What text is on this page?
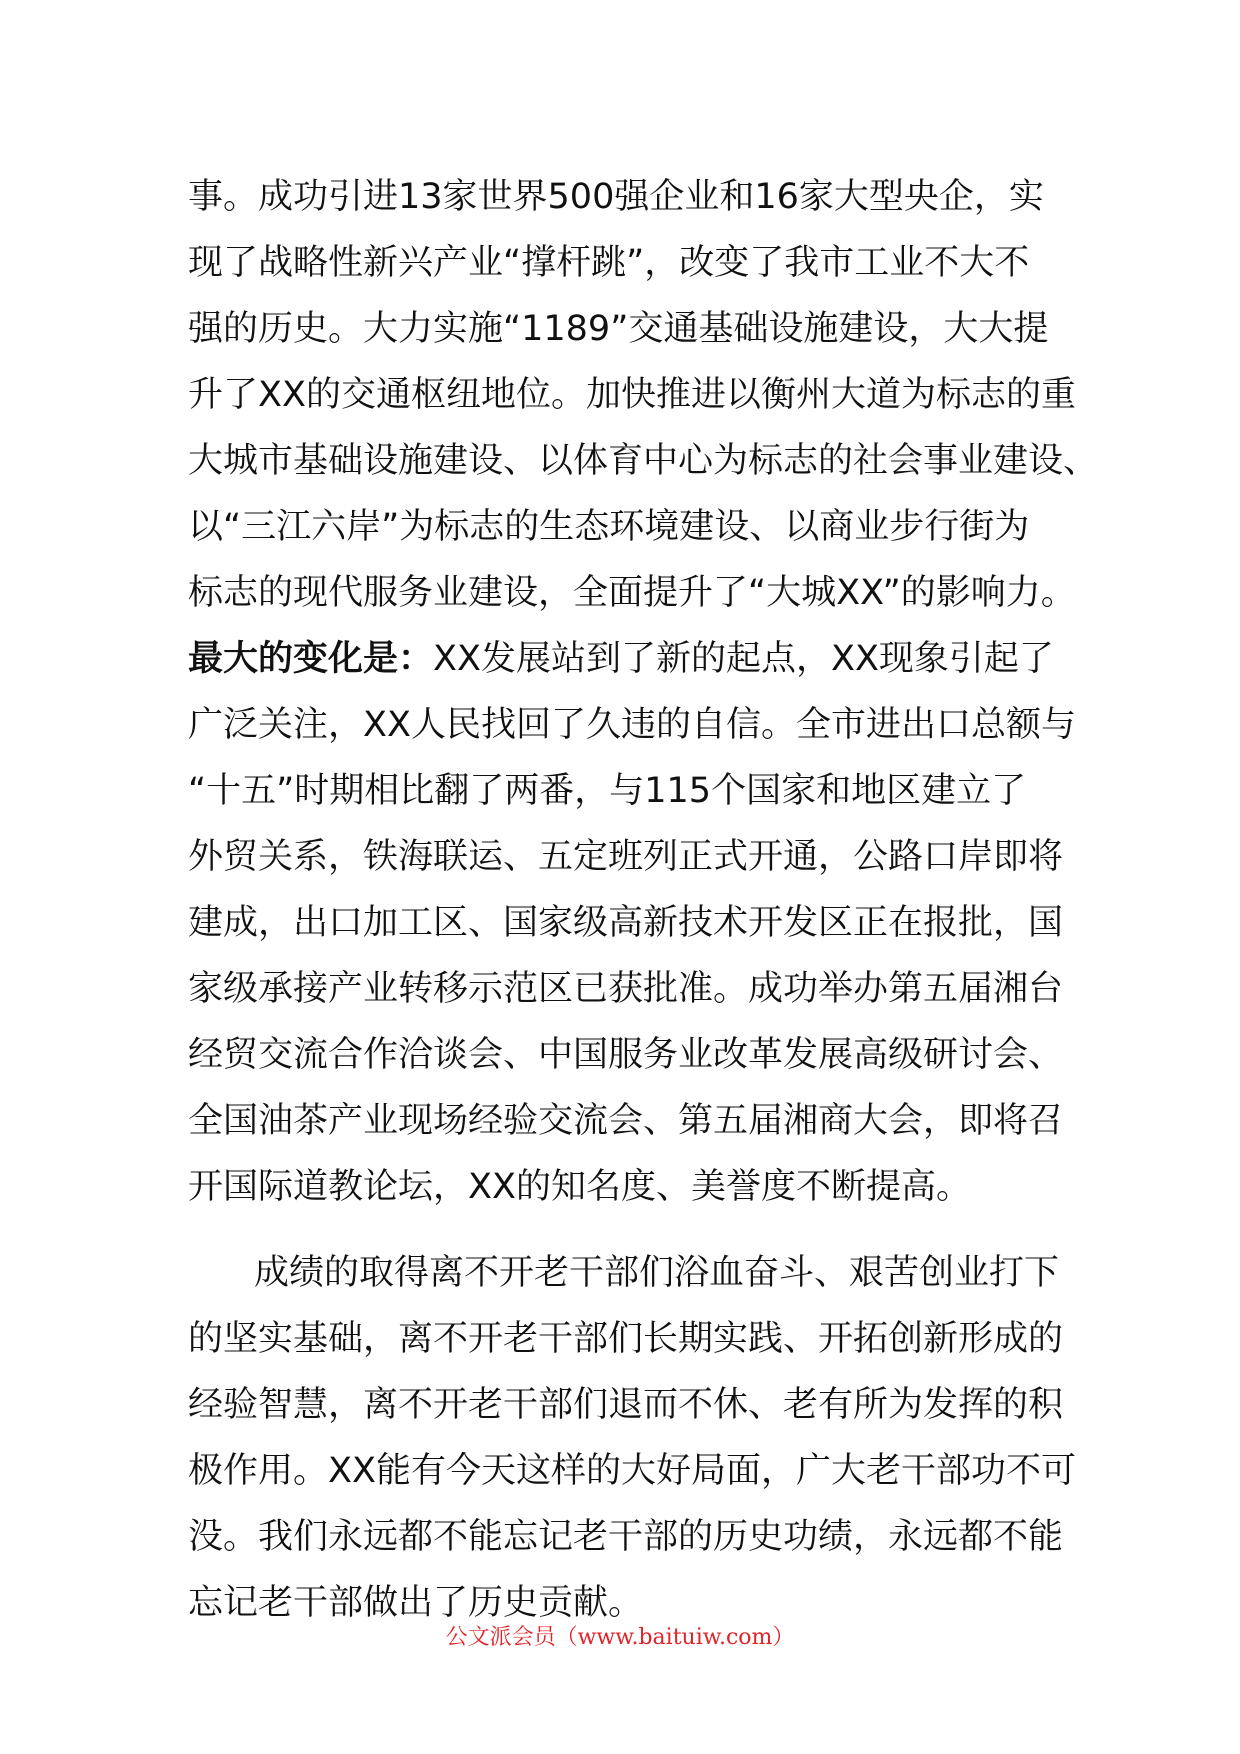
事。成功引进13家世界500强企业和16家大型央企，实
现了战略性新兴产业“撑杆跳”，改变了我市工业不大不
强的历史。大力实施“1189”交通基础设施建设，大大提
升了XX的交通枢纽地位。加快推进以衡州大道为标志的重
大城市基础设施建设、以体育中心为标志的社会事业建设、
以“三江六岸”为标志的生态环境建设、以商业步行街为
标志的现代服务业建设，全面提升了“大城XX”的影响力。
最大的变化是：XX发展站到了新的起点，XX现象引起了
广泛关注，XX人民找回了久违的自信。全市进出口总额与
“十五”时期相比翻了两番，与115个国家和地区建立了
外贸关系，铁海联运、五定班列正式开通，公路口岸即将
建成，出口加工区、国家级高新技术开发区正在报批，国
家级承接产业转移示范区已获批准。成功举办第五届湘台
经贸交流合作洽谈会、中国服务业改革发展高级研讨会、
全国油茶产业现场经验交流会、第五届湘商大会，即将召
开国际道教论坛，XX的知名度、美誉度不断提高。
成绩的取得离不开老干部们浴血奋斗、艰苦创业打下
的坚实基础，离不开老干部们长期实践、开拓创新形成的
经验智慧，离不开老干部们退而不休、老有所为发挥的积
极作用。XX能有今天这样的大好局面，广大老干部功不可
没。我们永远都不能忘记老干部的历史功绩，永远都不能
忘记老干部做出了历史贡献。
公文派会员（www.baituiw.com）
